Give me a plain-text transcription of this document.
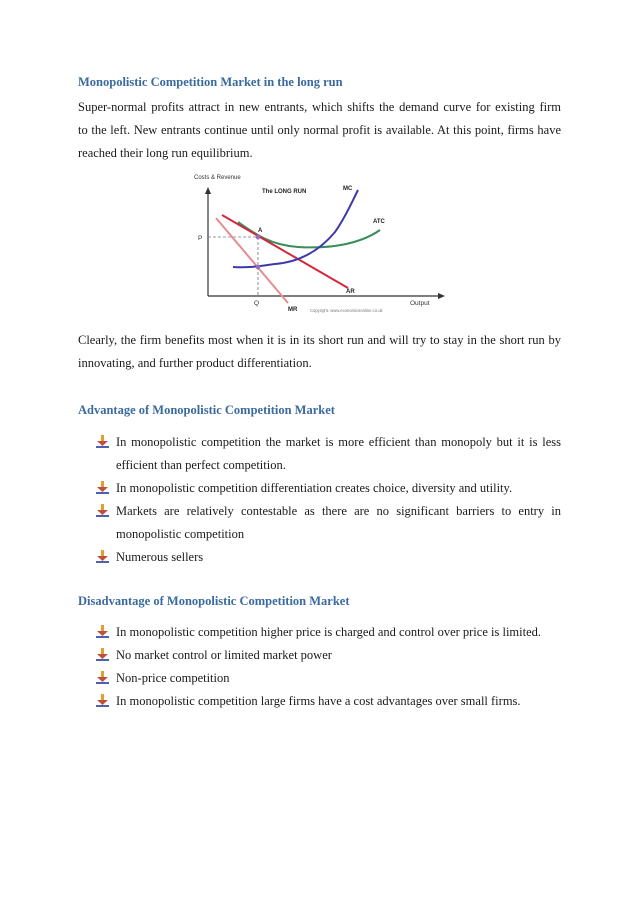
Monopolistic Competition Market in the long run
Super-normal profits attract in new entrants, which shifts the demand curve for existing firm
to the left. New entrants continue until only normal profit is available. At this point, firms have
reached their long run equilibrium.
Costs & Revenue
The LONG RUN
Output
Copyright: www.economicsonline.co.uk
P
Q
MR
ATC
AR
MC
A
Clearly, the firm benefits most when it is in its short run and will try to stay in the short run by
innovating, and further product differentiation.
Advantage of Monopolistic Competition Market
In monopolistic competition the market is more efficient than monopoly but it is less
efficient than perfect competition.
In monopolistic competition differentiation creates choice, diversity and utility.
Markets are relatively contestable as there are no significant barriers to entry in
monopolistic competition
Numerous sellers
Disadvantage of Monopolistic Competition Market
In monopolistic competition higher price is charged and control over price is limited.
No market control or limited market power
Non-price competition
In monopolistic competition large firms have a cost advantages over small firms.
